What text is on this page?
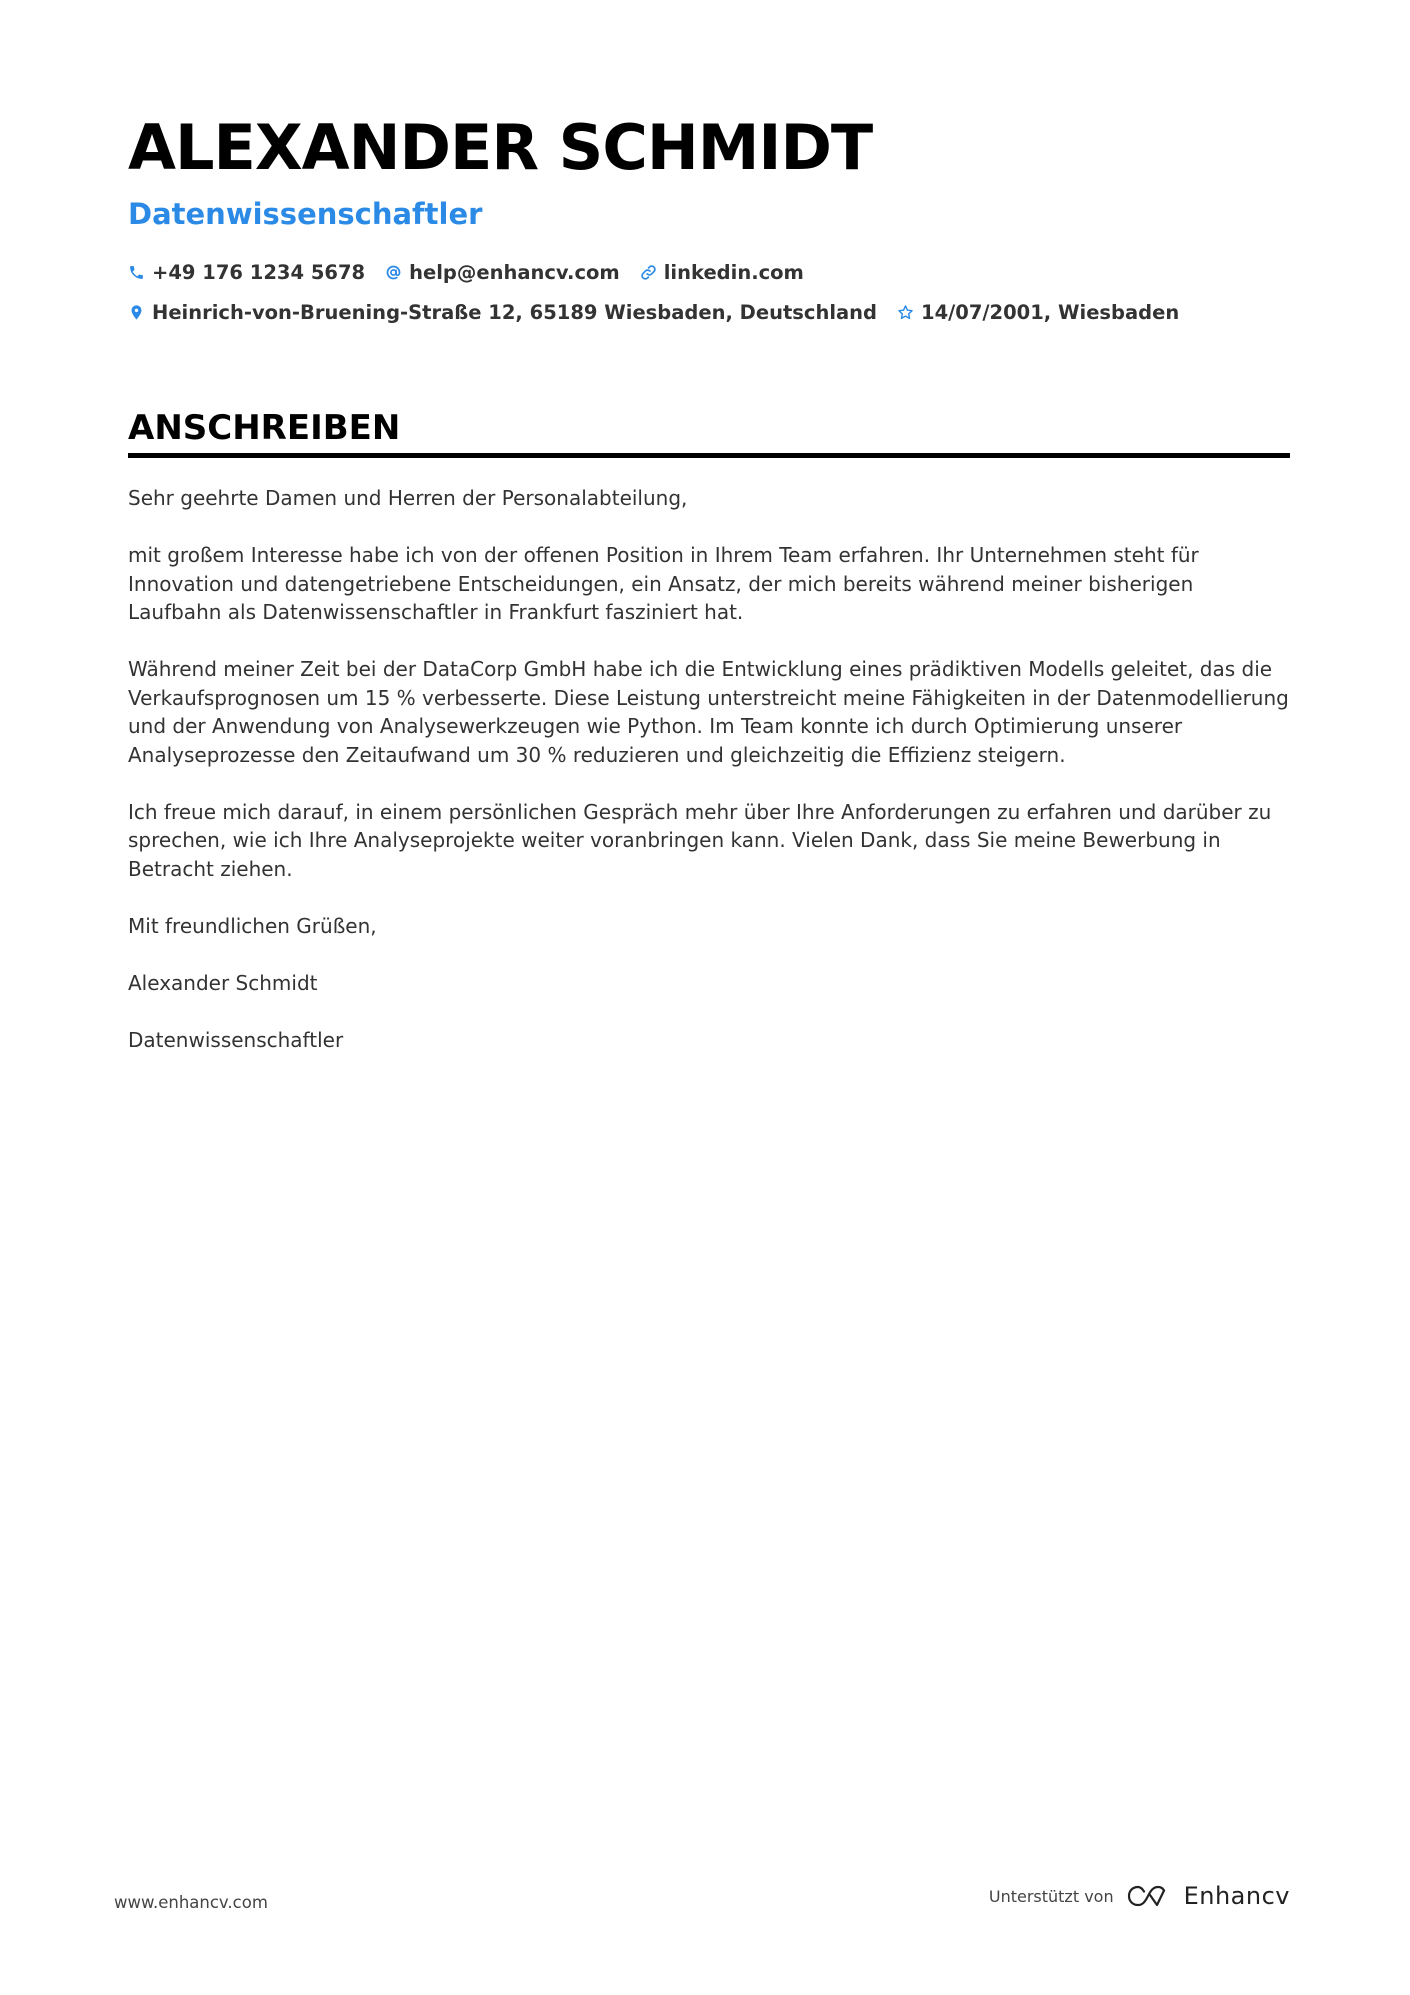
ALEXANDER SCHMIDT
Datenwissenschaftler
+49 176 1234 5678 help@enhancv.com linkedin.com
Heinrich-von-Bruening-Straße 12, 65189 Wiesbaden, Deutschland 14/07/2001, Wiesbaden
ANSCHREIBEN

Sehr geehrte Damen und Herren der Personalabteilung,

mit großem Interesse habe ich von der offenen Position in Ihrem Team erfahren. Ihr Unternehmen steht für Innovation und datengetriebene Entscheidungen, ein Ansatz, der mich bereits während meiner bisherigen Laufbahn als Datenwissenschaftler in Frankfurt fasziniert hat.

Während meiner Zeit bei der DataCorp GmbH habe ich die Entwicklung eines prädiktiven Modells geleitet, das die Verkaufsprognosen um 15 % verbesserte. Diese Leistung unterstreicht meine Fähigkeiten in der Datenmodellierung und der Anwendung von Analysewerkzeugen wie Python. Im Team konnte ich durch Optimierung unserer Analyseprozesse den Zeitaufwand um 30 % reduzieren und gleichzeitig die Effizienz steigern.

Ich freue mich darauf, in einem persönlichen Gespräch mehr über Ihre Anforderungen zu erfahren und darüber zu sprechen, wie ich Ihre Analyseprojekte weiter voranbringen kann. Vielen Dank, dass Sie meine Bewerbung in Betracht ziehen.

Mit freundlichen Grüßen,

Alexander Schmidt

Datenwissenschaftler

www.enhancv.com	Unterstützt von	Enhancv
